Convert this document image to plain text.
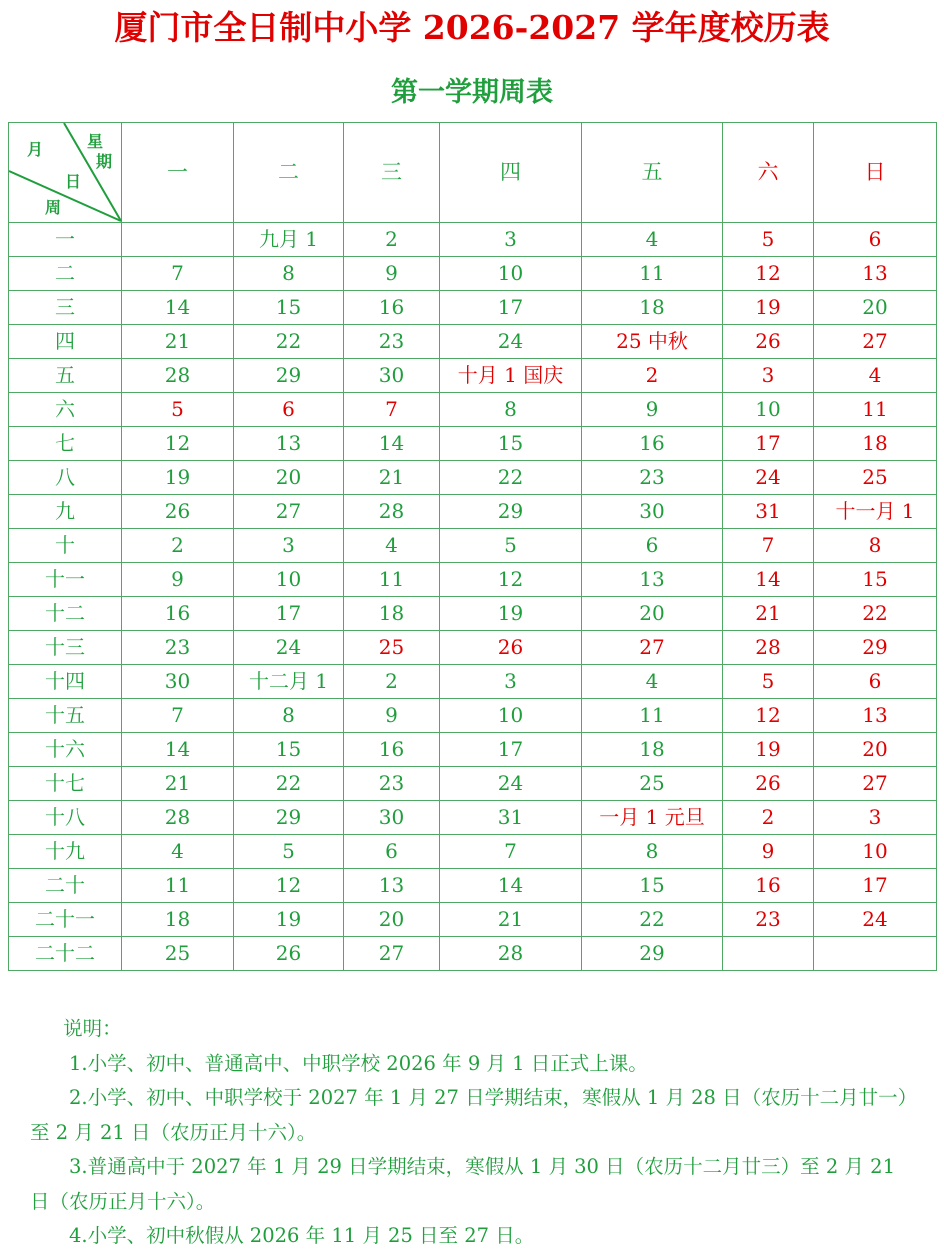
厦门市全日制中小学 2026-2027 学年度校历表
第一学期周表
月 星
期
日
周	一	二	三	四	五	六	日
一		九月 1	2	3	4	5	6
二	7	8	9	10	11	12	13
三	14	15	16	17	18	19	20
四	21	22	23	24	25 中秋	26	27
五	28	29	30	十月 1 国庆	2	3	4
六	5	6	7	8	9	10	11
七	12	13	14	15	16	17	18
八	19	20	21	22	23	24	25
九	26	27	28	29	30	31	十一月 1
十	2	3	4	5	6	7	8
十一	9	10	11	12	13	14	15
十二	16	17	18	19	20	21	22
十三	23	24	25	26	27	28	29
十四	30	十二月 1	2	3	4	5	6
十五	7	8	9	10	11	12	13
十六	14	15	16	17	18	19	20
十七	21	22	23	24	25	26	27
十八	28	29	30	31	一月 1 元旦	2	3
十九	4	5	6	7	8	9	10
二十	11	12	13	14	15	16	17
二十一	18	19	20	21	22	23	24
二十二	25	26	27	28	29		

说明：

1.小学、初中、普通高中、中职学校 2026 年 9 月 1 日正式上课。

2.小学、初中、中职学校于 2027 年 1 月 27 日学期结束，寒假从 1 月 28 日（农历十二月廿一）至 2 月 21 日（农历正月十六）。

3.普通高中于 2027 年 1 月 29 日学期结束，寒假从 1 月 30 日（农历十二月廿三）至 2 月 21 日（农历正月十六）。

4.小学、初中秋假从 2026 年 11 月 25 日至 27 日。
